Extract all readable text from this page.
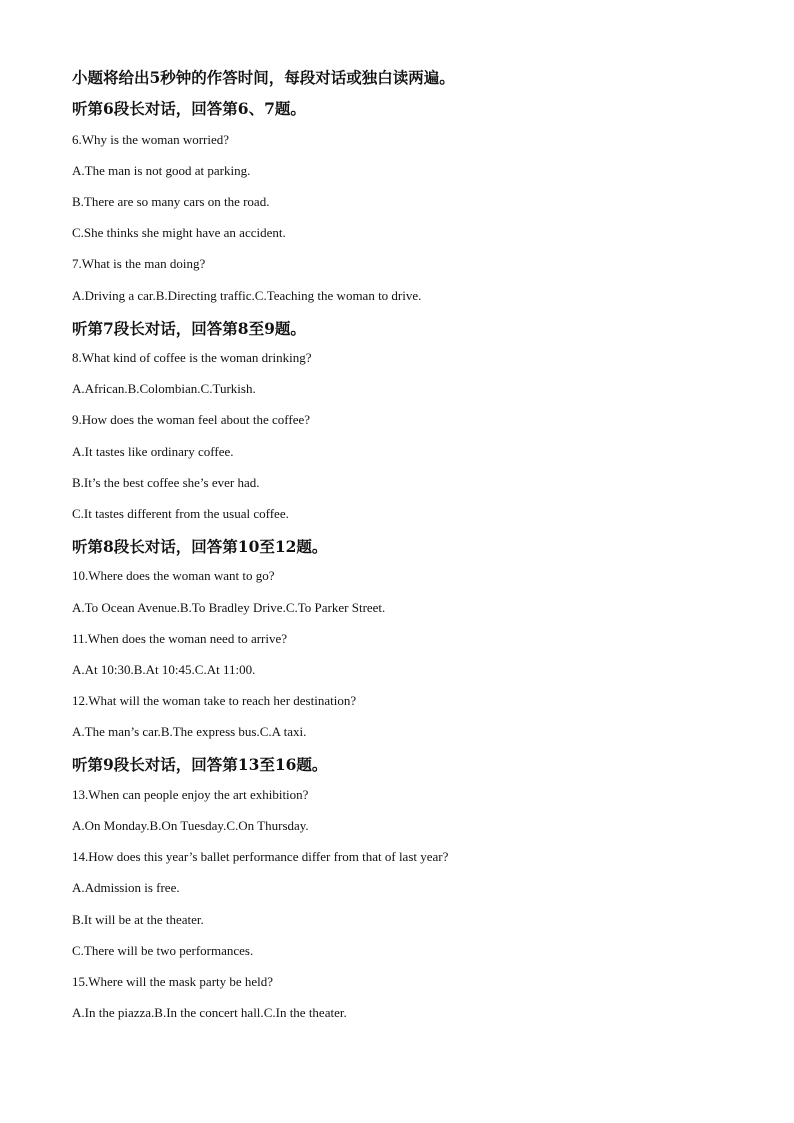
小题将给出5秒钟的作答时间，每段对话或独白读两遍。
听第6段长对话，回答第6、7题。
6.Why is the woman worried?
A.The man is not good at parking.
B.There are so many cars on the road.
C.She thinks she might have an accident.
7.What is the man doing?
A.Driving a car.B.Directing traffic.C.Teaching the woman to drive.
听第7段长对话，回答第8至9题。
8.What kind of coffee is the woman drinking?
A.African.B.Colombian.C.Turkish.
9.How does the woman feel about the coffee?
A.It tastes like ordinary coffee.
B.It’s the best coffee she’s ever had.
C.It tastes different from the usual coffee.
听第8段长对话，回答第10至12题。
10.Where does the woman want to go?
A.To Ocean Avenue.B.To Bradley Drive.C.To Parker Street.
11.When does the woman need to arrive?
A.At 10:30.B.At 10:45.C.At 11:00.
12.What will the woman take to reach her destination?
A.The man’s car.B.The express bus.C.A taxi.
听第9段长对话，回答第13至16题。
13.When can people enjoy the art exhibition?
A.On Monday.B.On Tuesday.C.On Thursday.
14.How does this year’s ballet performance differ from that of last year?
A.Admission is free.
B.It will be at the theater.
C.There will be two performances.
15.Where will the mask party be held?
A.In the piazza.B.In the concert hall.C.In the theater.
